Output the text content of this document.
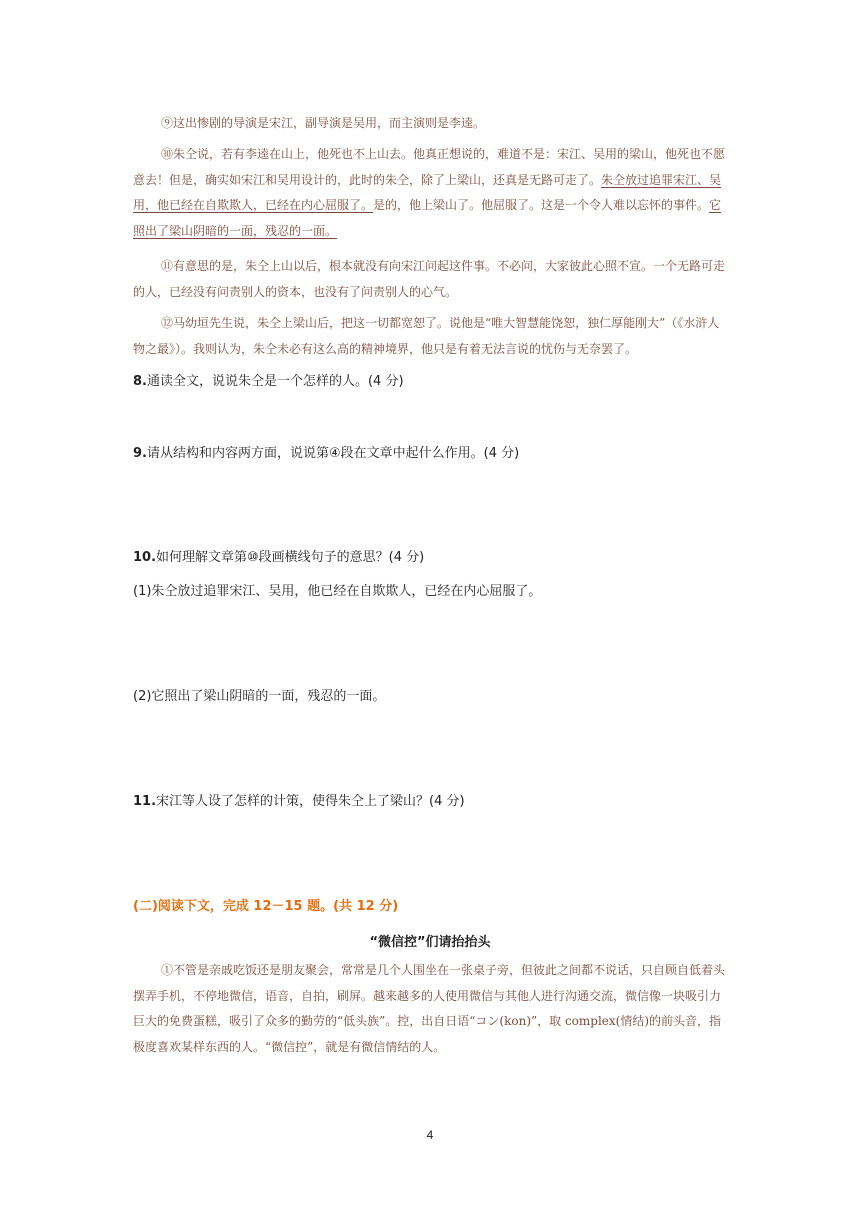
⑨这出惨剧的导演是宋江，副导演是吴用，而主演则是李逵。

⑩朱仝说，若有李逵在山上，他死也不上山去。他真正想说的，难道不是：宋江、吴用的梁山，他死也不愿意去！但是，确实如宋江和吴用设计的，此时的朱仝，除了上梁山，还真是无路可走了。朱仝放过追罪宋江、吴用，他已经在自欺欺人，已经在内心屈服了。是的，他上梁山了。他屈服了。这是一个令人难以忘怀的事件。它照出了梁山阴暗的一面，残忍的一面。

⑪有意思的是，朱仝上山以后，根本就没有向宋江问起这件事。不必问，大家彼此心照不宣。一个无路可走的人，已经没有问责别人的资本，也没有了问责别人的心气。

⑫马幼垣先生说，朱仝上梁山后，把这一切都宽恕了。说他是“唯大智慧能饶恕，独仁厚能刚大”（《水浒人物之最》）。我则认为，朱仝未必有这么高的精神境界，他只是有着无法言说的忧伤与无奈罢了。

8.通读全文，说说朱仝是一个怎样的人。(4 分)

9.请从结构和内容两方面，说说第④段在文章中起什么作用。(4 分)

10.如何理解文章第⑩段画横线句子的意思？(4 分)

(1)朱仝放过追罪宋江、吴用，他已经在自欺欺人，已经在内心屈服了。

(2)它照出了梁山阴暗的一面，残忍的一面。

11.宋江等人设了怎样的计策，使得朱仝上了梁山？(4 分)

(二)阅读下文，完成 12－15 题。(共 12 分)

“微信控”们请抬抬头

①不管是亲戚吃饭还是朋友聚会，常常是几个人围坐在一张桌子旁，但彼此之间都不说话，只自顾自低着头摆弄手机，不停地微信，语音，自拍，刷屏。越来越多的人使用微信与其他人进行沟通交流，微信像一块吸引力巨大的免费蛋糕，吸引了众多的勤劳的“低头族”。控，出自日语“コン(kon)”，取 complex(情结)的前头音，指极度喜欢某样东西的人。“微信控”，就是有微信情结的人。

4
